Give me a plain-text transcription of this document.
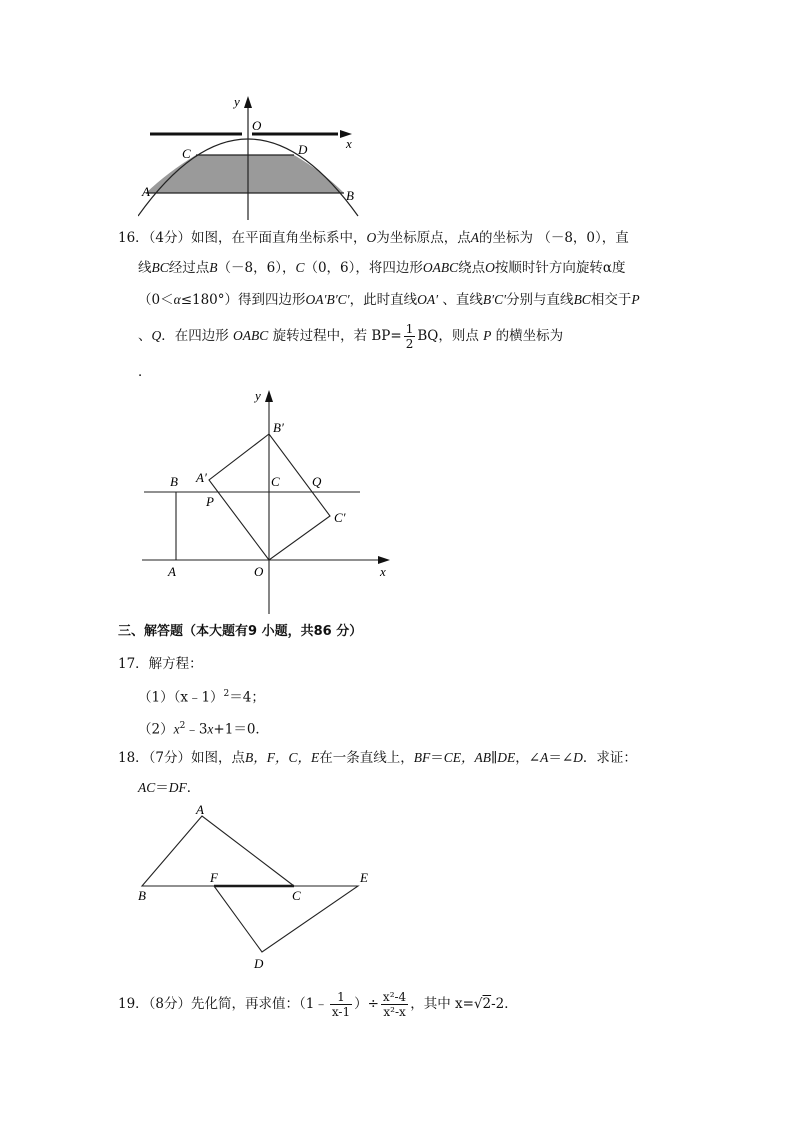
y
O
x
C	D
A	B
16．（4分）如图，在平面直角坐标系中，O为坐标原点，点A的坐标为 （－8，0），直
线BC经过点B（－8，6），C（0，6），将四边形OABC绕点O按顺时针方向旋转α度
（0＜α≤180°）得到四边形OA′B′C′，此时直线OA′ 、直线B′C′分别与直线BC相交于P
、Q．在四边形 OABC 旋转过程中，若 $BP= \frac{1}{2}$ BQ，则点 P 的横坐标为
．
y
B′
A′
B	C Q
P
C′
A	O	x
三、解答题（本大题有9 小题，共86 分）
17．解方程：
（1）（x﹣1）$^2$＝4；
$(2)x^2﹣3x+1=0$．
18．（7分）如图，点B，F，C，E在一条直线上，BF＝CE，AB∥DE，∠A＝∠D．求证：
AC＝DF．
A
B
F
C
E
D
19．（8分）先化简，再求值：（1﹣ $\frac{1}{x-1}$ ）÷ $\frac{\text{x²-4}}{\text{x²-x}}$ ，其中 x=√2-2．
